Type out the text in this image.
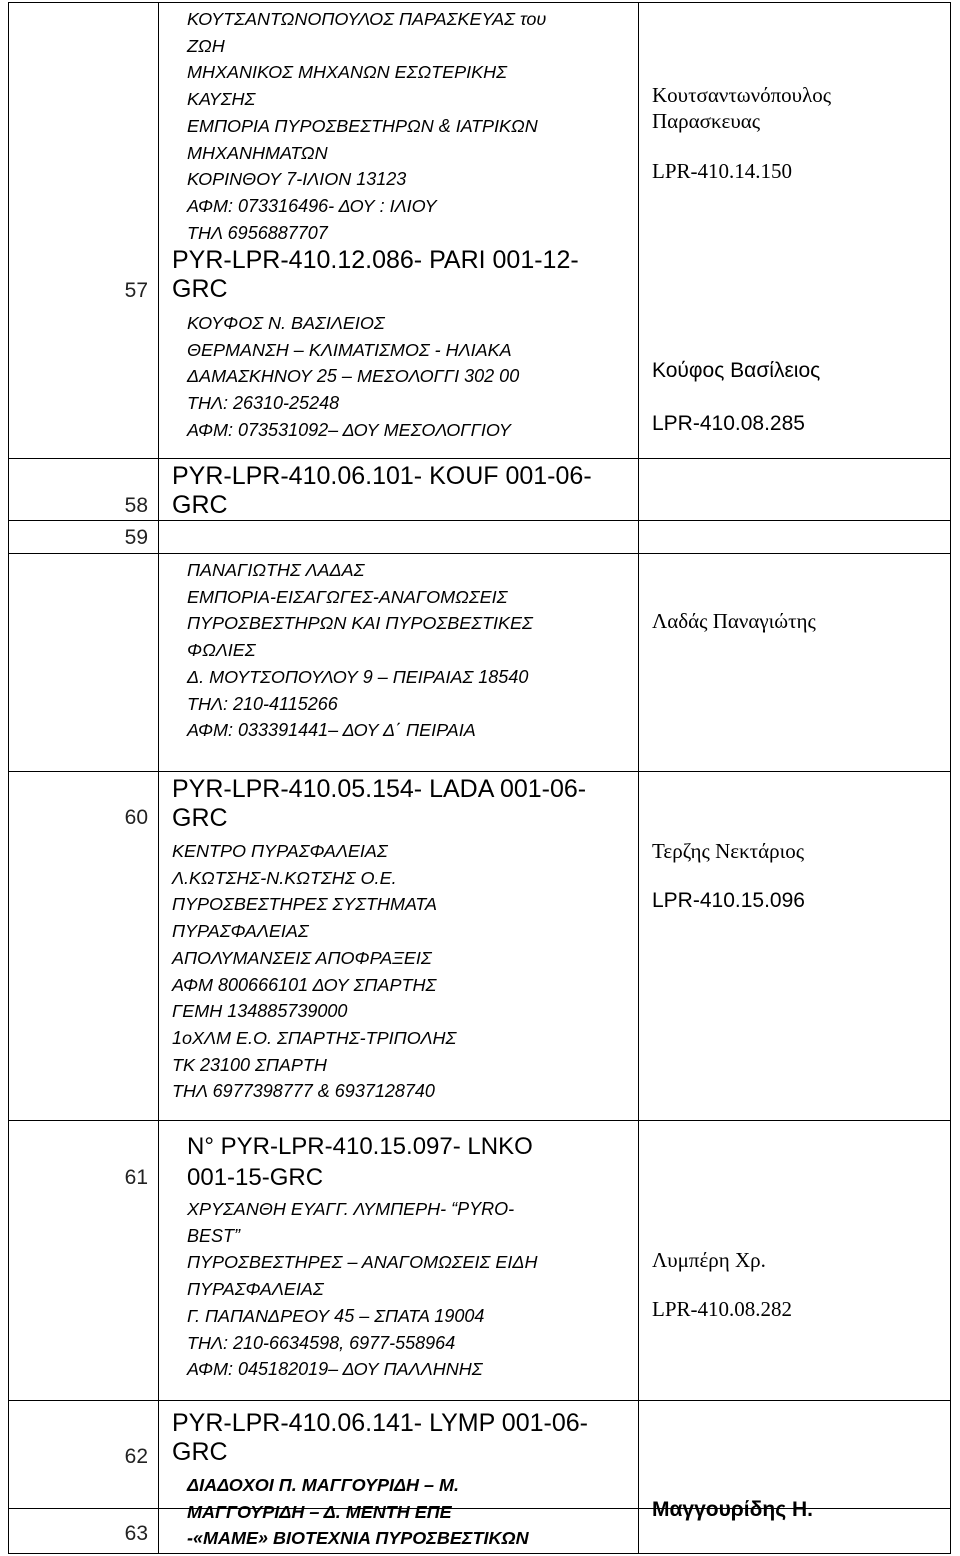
57
58
59
60
61
62
63
ΚΟΥΤΣΑΝΤΩΝΟΠΟΥΛΟΣ ΠΑΡΑΣΚΕΥΑΣ του
ΖΩΗ
ΜΗΧΑΝΙΚΟΣ ΜΗΧΑΝΩΝ ΕΣΩΤΕΡΙΚΗΣ
ΚΑΥΣΗΣ
ΕΜΠΟΡΙΑ ΠΥΡΟΣΒΕΣΤΗΡΩΝ & ΙΑΤΡΙΚΩΝ
ΜΗΧΑΝΗΜΑΤΩΝ
ΚΟΡΙΝΘΟΥ 7-ΙΛΙΟΝ 13123
ΑΦΜ: 073316496- ΔΟΥ : ΙΛΙΟΥ
ΤΗΛ 6956887707
PYR-LPR-410.12.086- PARI 001-12-
GRC
Κουτσαντωνόπουλος
Παρασκευας
LPR-410.14.150
ΚΟΥΦΟΣ Ν. ΒΑΣΙΛΕΙΟΣ
ΘΕΡΜΑΝΣΗ – ΚΛΙΜΑΤΙΣΜΟΣ - ΗΛΙΑΚΑ
ΔΑΜΑΣΚΗΝΟΥ 25 – ΜΕΣΟΛΟΓΓΙ 302 00
ΤΗΛ: 26310-25248
ΑΦΜ: 073531092– ΔΟΥ ΜΕΣΟΛΟΓΓΙΟΥ
Κούφος Βασίλειος
LPR-410.08.285
PYR-LPR-410.06.101- KOUF 001-06-
GRC
ΠΑΝΑΓΙΩΤΗΣ ΛΑΔΑΣ
ΕΜΠΟΡΙΑ-ΕΙΣΑΓΩΓΕΣ-ΑΝΑΓΟΜΩΣΕΙΣ
ΠΥΡΟΣΒΕΣΤΗΡΩΝ ΚΑΙ ΠΥΡΟΣΒΕΣΤΙΚΕΣ
ΦΩΛΙΕΣ
Δ. ΜΟΥΤΣΟΠΟΥΛΟΥ 9 – ΠΕΙΡΑΙΑΣ 18540
ΤΗΛ: 210-4115266
ΑΦΜ: 033391441– ΔΟΥ Δ΄ ΠΕΙΡΑΙΑ
Λαδάς Παναγιώτης
PYR-LPR-410.05.154- LADA 001-06-
GRC
ΚΕΝΤΡΟ ΠΥΡΑΣΦΑΛΕΙΑΣ
Λ.ΚΩΤΣΗΣ-Ν.ΚΩΤΣΗΣ Ο.Ε.
ΠΥΡΟΣΒΕΣΤΗΡΕΣ ΣΥΣΤΗΜΑΤΑ
ΠΥΡΑΣΦΑΛΕΙΑΣ
ΑΠΟΛΥΜΑΝΣΕΙΣ ΑΠΟΦΡΑΞΕΙΣ
ΑΦΜ 800666101 ΔΟΥ ΣΠΑΡΤΗΣ
ΓΕΜΗ 134885739000
1οΧΛΜ Ε.Ο. ΣΠΑΡΤΗΣ-ΤΡΙΠΟΛΗΣ
ΤΚ 23100 ΣΠΑΡΤΗ
ΤΗΛ 6977398777 & 6937128740
Τερζης Νεκτάριος
LPR-410.15.096
N° PYR-LPR-410.15.097- LNKO
001-15-GRC
ΧΡΥΣΑΝΘΗ ΕΥΑΓΓ. ΛΥΜΠΕΡΗ- “PYRO-
BEST”
ΠΥΡΟΣΒΕΣΤΗΡΕΣ – ΑΝΑΓΟΜΩΣΕΙΣ ΕΙΔΗ
ΠΥΡΑΣΦΑΛΕΙΑΣ
Γ. ΠΑΠΑΝΔΡΕΟΥ 45 – ΣΠΑΤΑ 19004
ΤΗΛ: 210-6634598, 6977-558964
ΑΦΜ: 045182019– ΔΟΥ ΠΑΛΛΗΝΗΣ
Λυμπέρη Χρ.
LPR-410.08.282
PYR-LPR-410.06.141- LYMP 001-06-
GRC
ΔΙΑΔΟΧΟΙ Π. ΜΑΓΓΟΥΡΙΔΗ – Μ.
ΜΑΓΓΟΥΡΙΔΗ – Δ. ΜΕΝΤΗ ΕΠΕ
-«ΜΑΜΕ» ΒΙΟΤΕΧΝΙΑ ΠΥΡΟΣΒΕΣΤΙΚΩΝ
Μαγγουρίδης Η.
